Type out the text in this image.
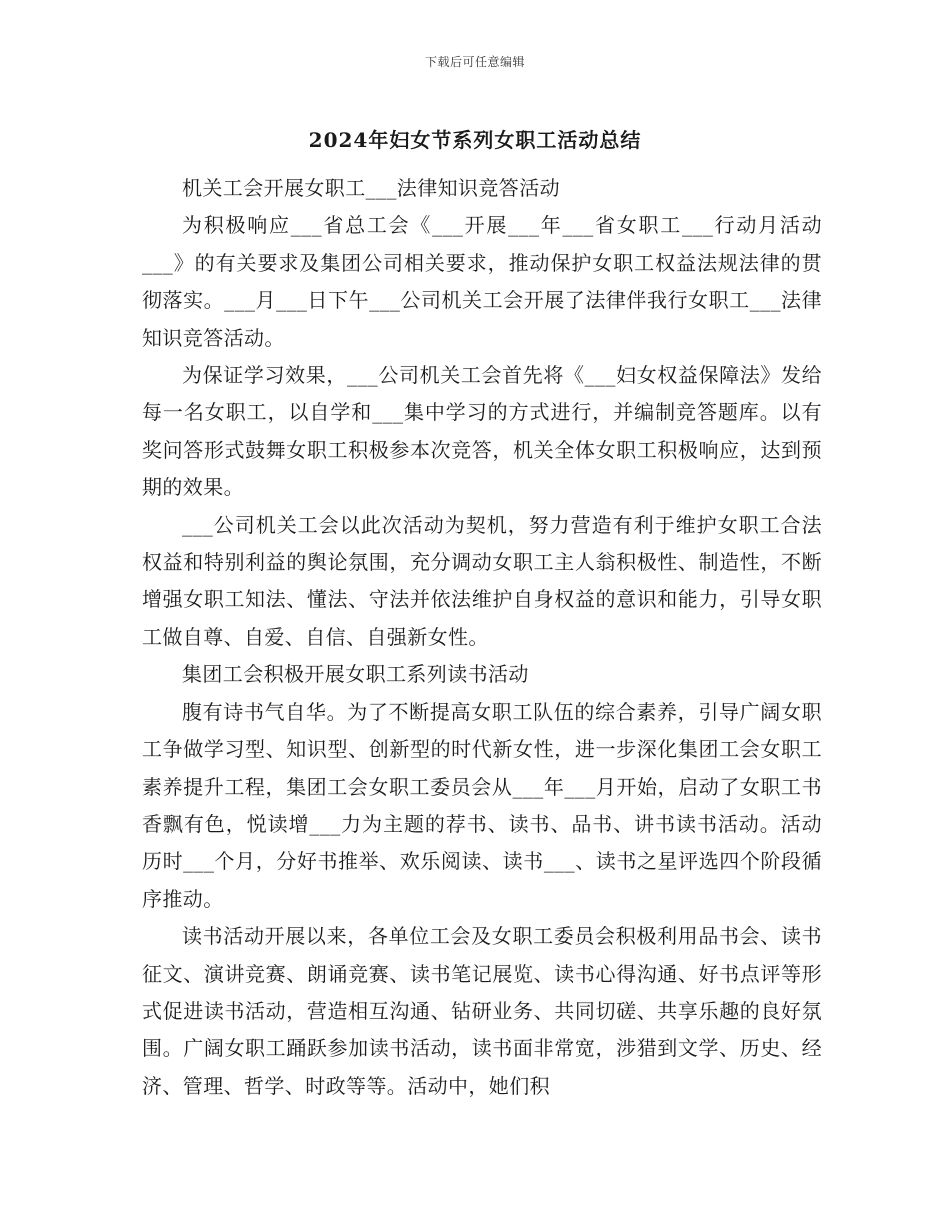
下载后可任意编辑
2024年妇女节系列女职工活动总结

机关工会开展女职工___法律知识竞答活动

为积极响应___省总工会《___开展___年___省女职工___行动月活动___》的有关要求及集团公司相关要求，推动保护女职工权益法规法律的贯彻落实。___月___日下午___公司机关工会开展了法律伴我行女职工___法律知识竞答活动。

为保证学习效果，___公司机关工会首先将《___妇女权益保障法》发给每一名女职工，以自学和___集中学习的方式进行，并编制竞答题库。以有奖问答形式鼓舞女职工积极参本次竞答，机关全体女职工积极响应，达到预期的效果。

___公司机关工会以此次活动为契机，努力营造有利于维护女职工合法权益和特别利益的舆论氛围，充分调动女职工主人翁积极性、制造性，不断增强女职工知法、懂法、守法并依法维护自身权益的意识和能力，引导女职工做自尊、自爱、自信、自强新女性。

集团工会积极开展女职工系列读书活动

腹有诗书气自华。为了不断提高女职工队伍的综合素养，引导广阔女职工争做学习型、知识型、创新型的时代新女性，进一步深化集团工会女职工素养提升工程，集团工会女职工委员会从___年___月开始，启动了女职工书香飘有色，悦读增___力为主题的荐书、读书、品书、讲书读书活动。活动历时___个月，分好书推举、欢乐阅读、读书___、读书之星评选四个阶段循序推动。

读书活动开展以来，各单位工会及女职工委员会积极利用品书会、读书征文、演讲竞赛、朗诵竞赛、读书笔记展览、读书心得沟通、好书点评等形式促进读书活动，营造相互沟通、钻研业务、共同切磋、共享乐趣的良好氛围。广阔女职工踊跃参加读书活动，读书面非常宽，涉猎到文学、历史、经济、管理、哲学、时政等等。活动中，她们积
